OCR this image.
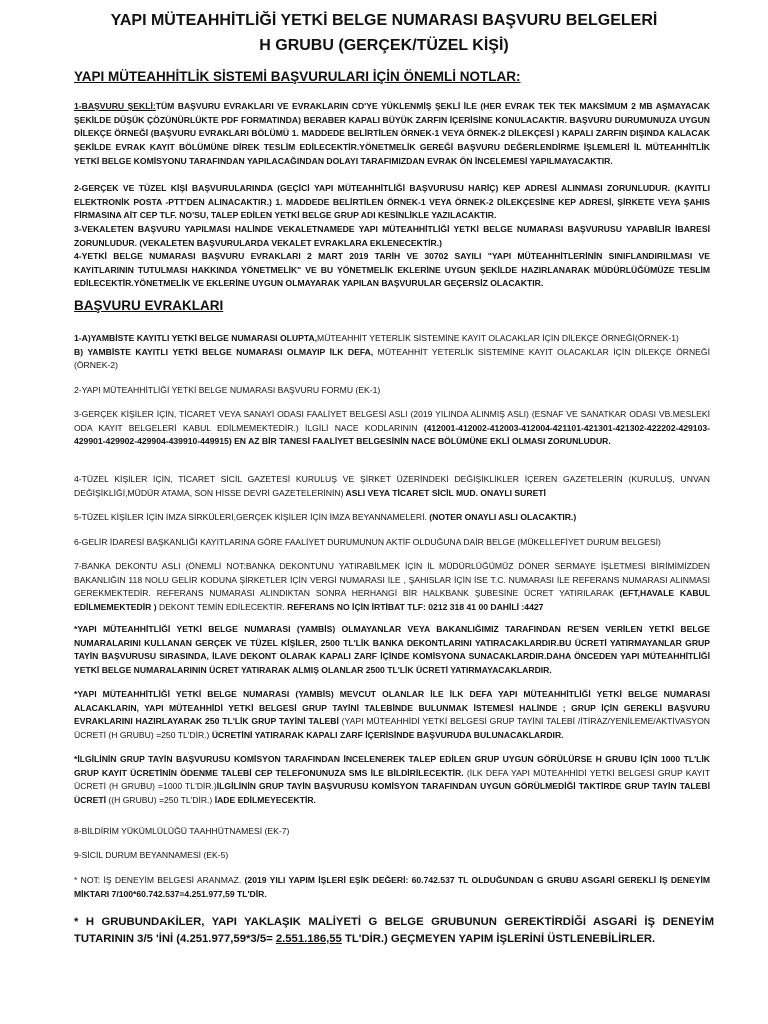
YAPI MÜTEAHHİTLİĞİ YETKİ BELGE NUMARASI BAŞVURU BELGELERİ
H GRUBU (GERÇEK/TÜZEL KİŞİ)
YAPI MÜTEAHHİTLİK SİSTEMİ BAŞVURULARI İÇİN ÖNEMLİ NOTLAR:
1-BAŞVURU ŞEKLİ:TÜM BAŞVURU EVRAKLARI VE EVRAKLARIN CD'YE YÜKLENMİŞ ŞEKLİ İLE (HER EVRAK TEK TEK MAKSİMUM 2 MB AŞMAYACAK ŞEKİLDE DÜŞÜK ÇÖZÜNÜRLÜKTE PDF FORMATINDA) BERABER KAPALI BÜYÜK ZARFIN İÇERİSİNE KONULACAKTIR. BAŞVURU DURUMUNUZA UYGUN DİLEKÇE ÖRNEĞİ (BAŞVURU EVRAKLARI BÖLÜMÜ 1. MADDEDE BELİRTİLEN ÖRNEK-1 VEYA ÖRNEK-2 DİLEKÇESİ ) KAPALI ZARFIN DIŞINDA KALACAK ŞEKİLDE EVRAK KAYIT BÖLÜMÜNE DİREK TESLİM EDİLECEKTİR.YÖNETMELİK GEREĞİ BAŞVURU DEĞERLENDİRME İŞLEMLERİ İL MÜTEAHHİTLİK YETKİ BELGE KOMİSYONU TARAFINDAN YAPILACAĞINDAN DOLAYI TARAFIMIZDAN EVRAK ÖN İNCELEMESİ YAPILMAYACAKTIR.
2-GERÇEK VE TÜZEL KİŞİ BAŞVURULARINDA (GEÇİCİ YAPI MÜTEAHHİTLİĞİ BAŞVURUSU HARİÇ) KEP ADRESİ ALINMASI ZORUNLUDUR. (KAYITLI ELEKTRONİK POSTA -PTT'DEN ALINACAKTIR.) 1. MADDEDE BELİRTİLEN ÖRNEK-1 VEYA ÖRNEK-2 DİLEKÇESİNE KEP ADRESİ, ŞİRKETE VEYA ŞAHIS FİRMASINA AİT CEP TLF. NO'SU, TALEP EDİLEN YETKİ BELGE GRUP ADI KESİNLİKLE YAZILACAKTIR.
3-VEKALETEN BAŞVURU YAPILMASI HALİNDE VEKALETNAMEDE YAPI MÜTEAHHİTLİĞİ YETKİ BELGE NUMARASI BAŞVURUSU YAPABİLİR İBARESİ ZORUNLUDUR. (VEKALETEN BAŞVURULARDA VEKALET EVRAKLARA EKLENECEKTİR.)
4-YETKİ BELGE NUMARASI BAŞVURU EVRAKLARI 2 MART 2019 TARİH VE 30702 SAYILI "YAPI MÜTEAHHİTLERİNİN SINIFLANDIRILMASI VE KAYITLARININ TUTULMASI HAKKINDA YÖNETMELİK" VE BU YÖNETMELİK EKLERİNE UYGUN ŞEKİLDE HAZIRLANARAK MÜDÜRLÜĞÜMÜZE TESLİM EDİLECEKTİR.YÖNETMELİK VE EKLERİNE UYGUN OLMAYARAK YAPILAN BAŞVURULAR GEÇERSİZ OLACAKTIR.
BAŞVURU EVRAKLARI
1-A)YAMBİSTE KAYITLI YETKİ BELGE NUMARASI OLUPTA,MÜTEAHHİT YETERLİK SİSTEMİNE KAYIT OLACAKLAR İÇİN DİLEKÇE ÖRNEĞİ(ÖRNEK-1)
B) YAMBİSTE KAYITLI YETKİ BELGE NUMARASI OLMAYIP İLK DEFA, MÜTEAHHİT YETERLİK SİSTEMİNE KAYIT OLACAKLAR İÇİN DİLEKÇE ÖRNEĞİ (ÖRNEK-2)
2-YAPI MÜTEAHHİTLİĞİ YETKİ BELGE NUMARASI BAŞVURU FORMU (EK-1)
3-GERÇEK KİŞİLER İÇİN, TİCARET VEYA SANAYİ ODASI FAALİYET BELGESİ ASLI (2019 YILINDA ALINMIŞ ASLI) (ESNAF VE SANATKAR ODASI VB.MESLEKİ ODA KAYIT BELGELERİ KABUL EDİLMEMEKTEDİR.) İLGİLİ NACE KODLARININ (412001-412002-412003-412004-421101-421301-421302-422202-429103-429901-429902-429904-439910-449915) EN AZ BİR TANESİ FAALİYET BELGESİNİN NACE BÖLÜMÜNE EKLİ OLMASI ZORUNLUDUR.
4-TÜZEL KİŞİLER İÇİN, TİCARET SİCİL GAZETESİ KURULUŞ VE ŞİRKET ÜZERİNDEKİ DEĞİŞİKLİKLER İÇEREN GAZETELERİN (KURULUŞ, UNVAN DEĞİŞİKLİĞİ,MÜDÜR ATAMA, SON HİSSE DEVRİ GAZETELERİNİN) ASLI VEYA TİCARET SİCİL MUD. ONAYLI SURETİ
5-TÜZEL KİŞİLER İÇİN İMZA SİRKÜLERİ,GERÇEK KİŞİLER İÇİN İMZA BEYANNAMELERİ. (NOTER ONAYLI ASLI OLACAKTIR.)
6-GELİR İDARESİ BAŞKANLIĞI KAYITLARINA GÖRE FAALİYET DURUMUNUN AKTİF OLDUĞUNA DAİR BELGE (MÜKELLEFİYET DURUM BELGESİ)
7-BANKA DEKONTU ASLI (ÖNEMLİ NOT:BANKA DEKONTUNU YATIRABİLMEK İÇİN İL MÜDÜRLÜĞÜMÜZ DÖNER SERMAYE İŞLETMESİ BİRİMİMİZDEN BAKANLIĞIN 118 NOLU GELİR KODUNA ŞİRKETLER İÇİN VERGİ NUMARASI İLE , ŞAHISLAR İÇİN İSE T.C. NUMARASI İLE REFERANS NUMARASI ALINMASI GEREKMEKTEDİR. REFERANS NUMARASI ALINDIKTAN SONRA HERHANGİ BİR HALKBANK ŞUBESİNE ÜCRET YATIRILARAK (EFT,HAVALE KABUL EDİLMEMEKTEDİR ) DEKONT TEMİN EDİLECEKTİR. REFERANS NO İÇİN İRTİBAT TLF: 0212 318 41 00 DAHİLİ :4427
*YAPI MÜTEAHHİTLİĞİ YETKİ BELGE NUMARASI (YAMBİS) OLMAYANLAR VEYA BAKANLIĞIMIZ TARAFINDAN RE'SEN VERİLEN YETKİ BELGE NUMARALARINI KULLANAN GERÇEK VE TÜZEL KİŞİLER, 2500 TL'LİK BANKA DEKONTLARINI YATIRACAKLARDIR.BU ÜCRETİ YATIRMAYANLAR GRUP TAYİN BAŞVURUSU SIRASINDA, İLAVE DEKONT OLARAK KAPALI ZARF İÇİNDE KOMİSYONA SUNACAKLARDIR.DAHA ÖNCEDEN YAPI MÜTEAHHİTLİĞİ YETKİ BELGE NUMARALARININ ÜCRET YATIRARAK ALMIŞ OLANLAR 2500 TL'LİK ÜCRETİ YATIRMAYACAKLARDIR.
*YAPI MÜTEAHHİTLİĞİ YETKİ BELGE NUMARASI (YAMBİS) MEVCUT OLANLAR İLE İLK DEFA YAPI MÜTEAHHİTLİĞİ YETKİ BELGE NUMARASI ALACAKLARIN, YAPI MÜTEAHHİDİ YETKİ BELGESİ GRUP TAYİNİ TALEBİNDE BULUNMAK İSTEMESİ HALİNDE ; GRUP İÇİN GEREKLİ BAŞVURU EVRAKLARINI HAZIRLAYARAK 250 TL'LİK GRUP TAYİNİ TALEBİ (YAPI MÜTEAHHİDİ YETKİ BELGESİ GRUP TAYİNİ TALEBİ /İTİRAZ/YENİLEME/AKTİVASYON ÜCRETİ (H GRUBU) =250 TL'DİR.) ÜCRETİNİ YATIRARAK KAPALI ZARF İÇERİSİNDE BAŞVURUDA BULUNACAKLARDIR.
*İLGİLİNİN GRUP TAYİN BAŞVURUSU KOMİSYON TARAFINDAN İNCELENEREK TALEP EDİLEN GRUP UYGUN GÖRÜLÜRSE H GRUBU İÇİN 1000 TL'LİK GRUP KAYIT ÜCRETİNİN ÖDENME TALEBİ CEP TELEFONUNUZA SMS İLE BİLDİRİLECEKTİR. (İLK DEFA YAPI MÜTEAHHİDİ YETKİ BELGESİ GRUP KAYIT ÜCRETİ (H GRUBU) =1000 TL'DİR.)İLGİLİNİN GRUP TAYİN BAŞVURUSU KOMİSYON TARAFINDAN UYGUN GÖRÜLMEDİĞİ TAKTİRDE GRUP TAYİN TALEBİ ÜCRETİ ((H GRUBU) =250 TL'DİR.) İADE EDİLMEYECEKTİR.
8-BİLDİRİM YÜKÜMLÜLÜĞÜ TAAHHÜTNAMESİ (EK-7)
9-SİCİL DURUM BEYANNAMESİ (EK-5)
* NOT: İŞ DENEYİM BELGESİ ARANMAZ. (2019 YILI YAPIM İŞLERİ EŞİK DEĞERİ: 60.742.537 TL OLDUĞUNDAN G GRUBU ASGARİ GEREKLİ İŞ DENEYİM MİKTARI 7/100*60.742.537=4.251.977,59 TL'DİR.
* H GRUBUNDAKİLER, YAPI YAKLAŞIK MALİYETİ G BELGE GRUBUNUN GEREKTİRDİĞİ ASGARİ İŞ DENEYİM TUTARININ 3/5 'İNİ (4.251.977,59*3/5= 2.551.186,55 TL'DİR.) GEÇMEYEN YAPIM İŞLERİNİ ÜSTLENEBİLİRLER.
